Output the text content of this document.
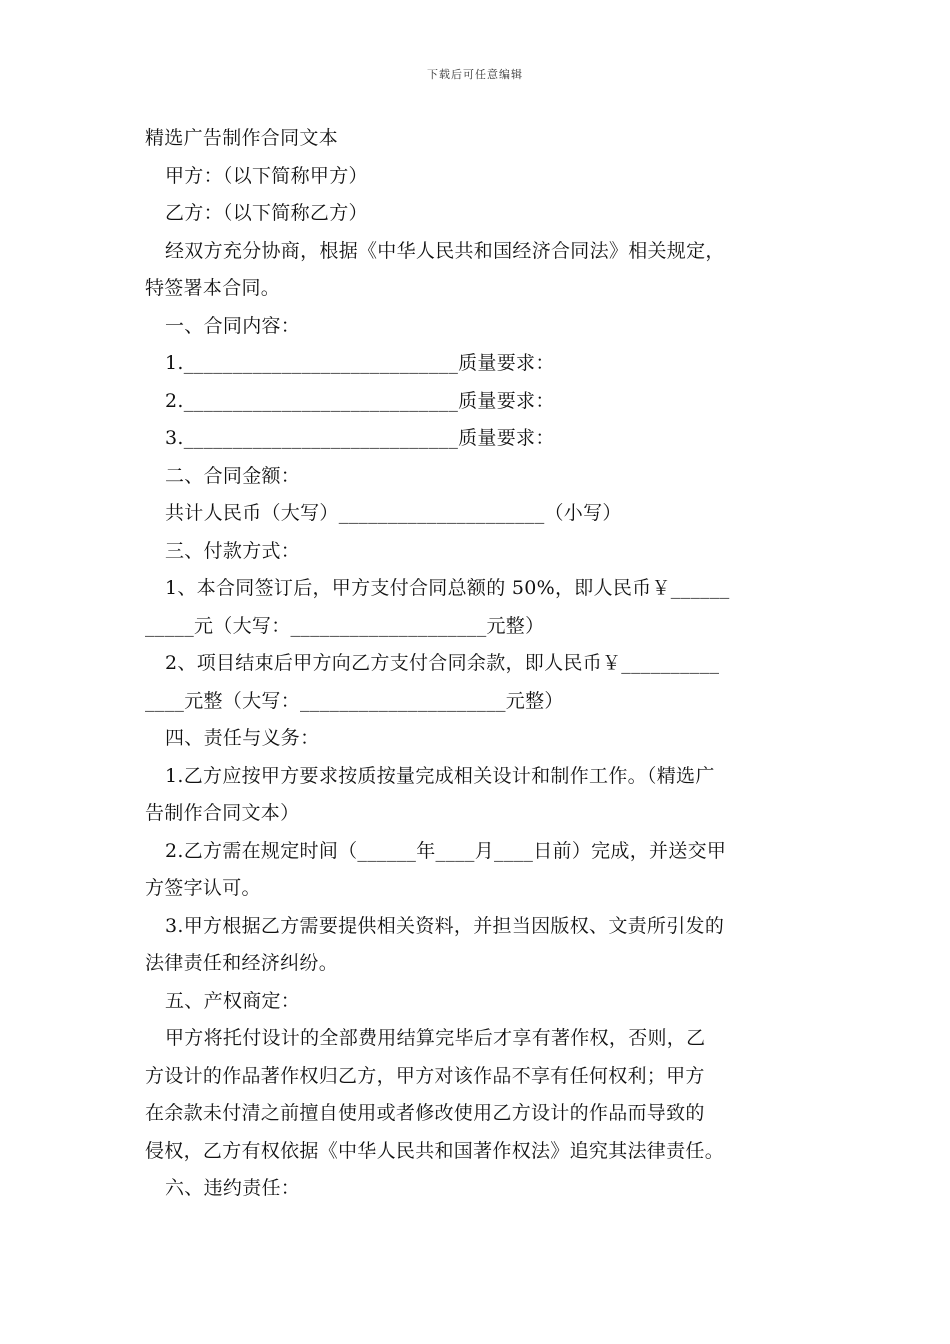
下载后可任意编辑
精选广告制作合同文本
甲方：（以下简称甲方）
乙方：（以下简称乙方）
经双方充分协商，根据《中华人民共和国经济合同法》相关规定，
特签署本合同。
一、合同内容：
1.____________________________质量要求：
2.____________________________质量要求：
3.____________________________质量要求：
二、合同金额：
共计人民币（大写）_____________________（小写）
三、付款方式：
1、本合同签订后，甲方支付合同总额的 50%，即人民币￥______
_____元（大写：____________________元整）
2、项目结束后甲方向乙方支付合同余款，即人民币￥__________
____元整（大写：_____________________元整）
四、责任与义务：
1.乙方应按甲方要求按质按量完成相关设计和制作工作。（精选广
告制作合同文本）
2.乙方需在规定时间（______年____月____日前）完成，并送交甲
方签字认可。
3.甲方根据乙方需要提供相关资料，并担当因版权、文责所引发的
法律责任和经济纠纷。
五、产权商定：
甲方将托付设计的全部费用结算完毕后才享有著作权，否则，乙
方设计的作品著作权归乙方，甲方对该作品不享有任何权利；甲方
在余款未付清之前擅自使用或者修改使用乙方设计的作品而导致的
侵权，乙方有权依据《中华人民共和国著作权法》追究其法律责任。
六、违约责任：
